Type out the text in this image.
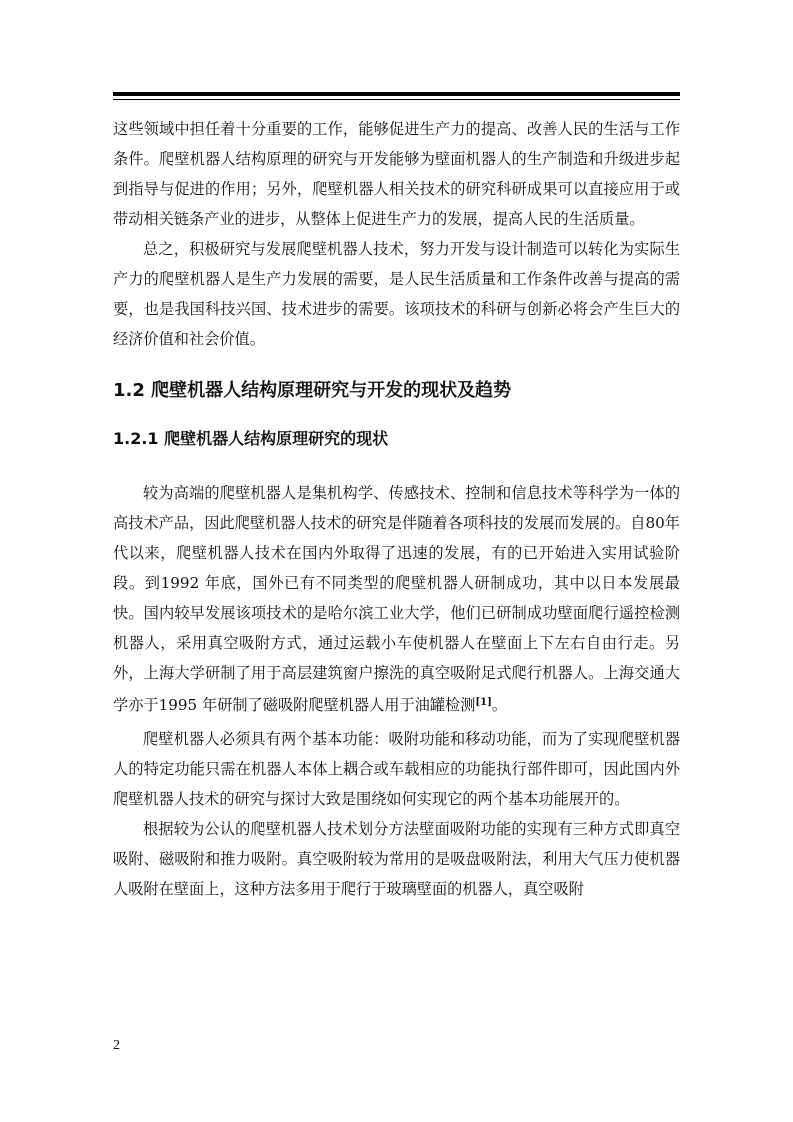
这些领域中担任着十分重要的工作，能够促进生产力的提高、改善人民的生活与工作条件。爬壁机器人结构原理的研究与开发能够为壁面机器人的生产制造和升级进步起到指导与促进的作用；另外，爬壁机器人相关技术的研究科研成果可以直接应用于或带动相关链条产业的进步，从整体上促进生产力的发展，提高人民的生活质量。

总之，积极研究与发展爬壁机器人技术，努力开发与设计制造可以转化为实际生产力的爬壁机器人是生产力发展的需要，是人民生活质量和工作条件改善与提高的需要，也是我国科技兴国、技术进步的需要。该项技术的科研与创新必将会产生巨大的经济价值和社会价值。

1.2 爬壁机器人结构原理研究与开发的现状及趋势
1.2.1 爬壁机器人结构原理研究的现状

较为高端的爬壁机器人是集机构学、传感技术、控制和信息技术等科学为一体的高技术产品，因此爬壁机器人技术的研究是伴随着各项科技的发展而发展的。自80年代以来，爬壁机器人技术在国内外取得了迅速的发展，有的已开始进入实用试验阶段。到1992 年底，国外已有不同类型的爬壁机器人研制成功，其中以日本发展最快。国内较早发展该项技术的是哈尔滨工业大学，他们已研制成功壁面爬行遥控检测机器人，采用真空吸附方式，通过运载小车使机器人在壁面上下左右自由行走。另外，上海大学研制了用于高层建筑窗户擦洗的真空吸附足式爬行机器人。上海交通大学亦于1995 年研制了磁吸附爬壁机器人用于油罐检测[1]。

爬壁机器人必须具有两个基本功能：吸附功能和移动功能，而为了实现爬壁机器人的特定功能只需在机器人本体上耦合或车载相应的功能执行部件即可，因此国内外爬壁机器人技术的研究与探讨大致是围绕如何实现它的两个基本功能展开的。

根据较为公认的爬壁机器人技术划分方法壁面吸附功能的实现有三种方式即真空吸附、磁吸附和推力吸附。真空吸附较为常用的是吸盘吸附法，利用大气压力使机器人吸附在壁面上，这种方法多用于爬行于玻璃壁面的机器人，真空吸附

2
